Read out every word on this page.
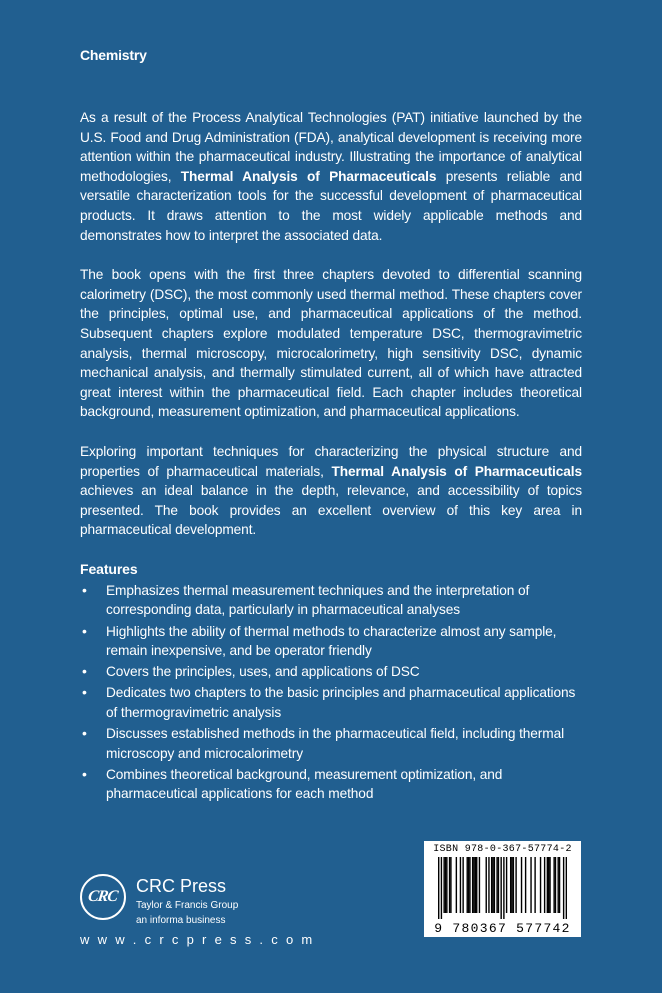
Chemistry

As a result of the Process Analytical Technologies (PAT) initiative launched by the U.S. Food and Drug Administration (FDA), analytical development is receiving more attention within the pharmaceutical industry. Illustrating the importance of analytical methodologies, Thermal Analysis of Pharmaceuticals presents reliable and versatile characterization tools for the successful development of pharmaceutical products. It draws attention to the most widely applicable methods and demonstrates how to interpret the associated data.

The book opens with the first three chapters devoted to differential scanning calorimetry (DSC), the most commonly used thermal method. These chapters cover the principles, optimal use, and pharmaceutical applications of the method. Subsequent chapters explore modulated temperature DSC, thermogravimetric analysis, thermal microscopy, microcalorimetry, high sensitivity DSC, dynamic mechanical analysis, and thermally stimulated current, all of which have attracted great interest within the pharmaceutical field. Each chapter includes theoretical background, measurement optimization, and pharmaceutical applications.

Exploring important techniques for characterizing the physical structure and properties of pharmaceutical materials, Thermal Analysis of Pharmaceuticals achieves an ideal balance in the depth, relevance, and accessibility of topics presented. The book provides an excellent overview of this key area in pharmaceutical development.

Features
• Emphasizes thermal measurement techniques and the interpretation of corresponding data, particularly in pharmaceutical analyses
• Highlights the ability of thermal methods to characterize almost any sample, remain inexpensive, and be operator friendly
• Covers the principles, uses, and applications of DSC
• Dedicates two chapters to the basic principles and pharmaceutical applications of thermogravimetric analysis
• Discusses established methods in the pharmaceutical field, including thermal microscopy and microcalorimetry
• Combines theoretical background, measurement optimization, and pharmaceutical applications for each method
CRC
CRC Press
Taylor & Francis Group
an informa business
w w w . c r c p r e s s . c o m
ISBN 978-0-367-57774-2
9 780367 577742
